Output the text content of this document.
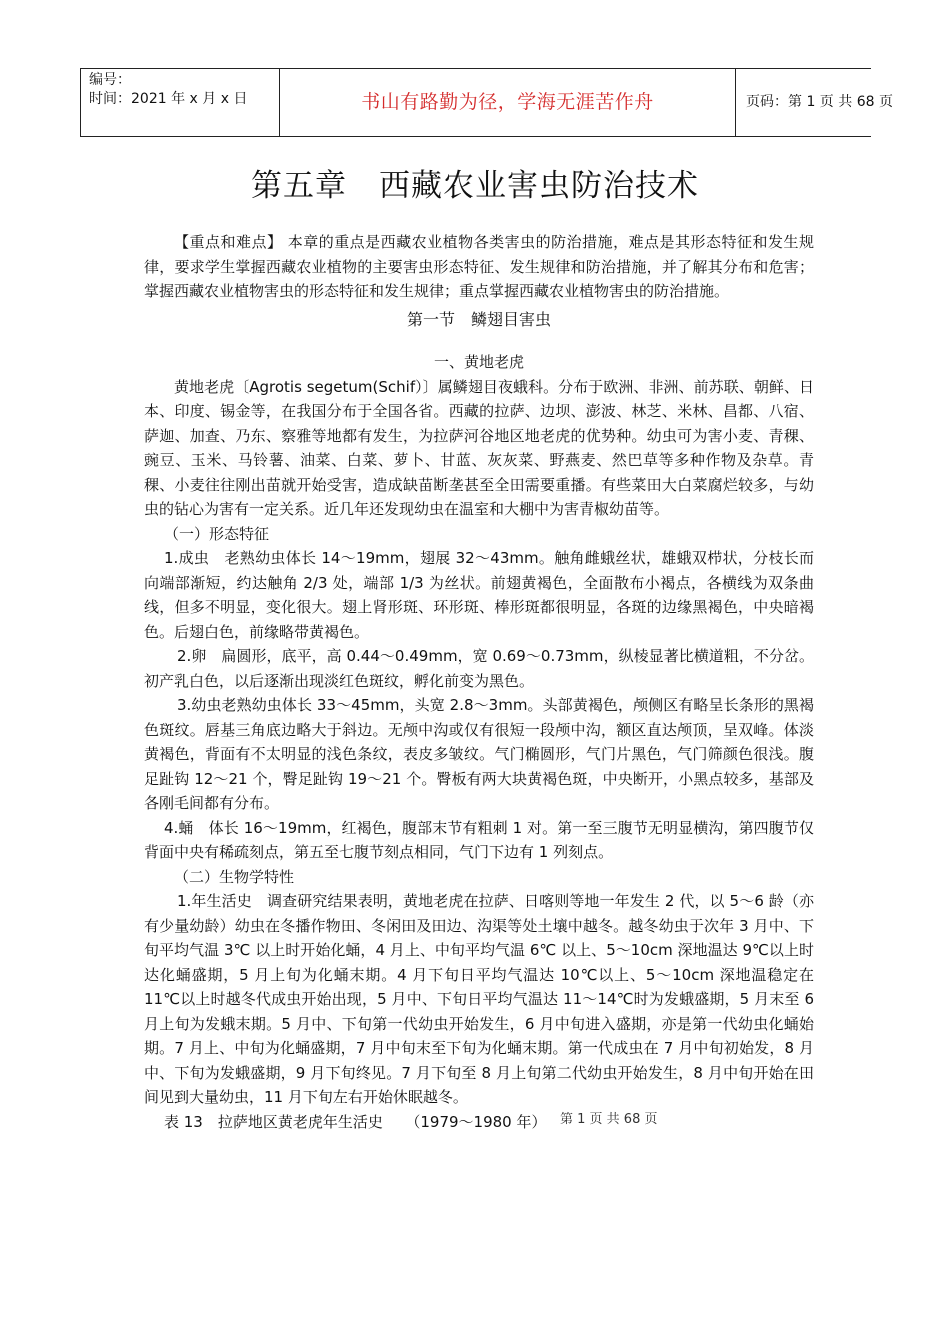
编号：
时间：2021 年 x 月 x 日	书山有路勤为径，学海无涯苦作舟	页码：第 1 页 共 68 页
第五章　西藏农业害虫防治技术

【重点和难点】 本章的重点是西藏农业植物各类害虫的防治措施，难点是其形态特征和发生规律，要求学生掌握西藏农业植物的主要害虫形态特征、发生规律和防治措施，并了解其分布和危害；掌握西藏农业植物害虫的形态特征和发生规律；重点掌握西藏农业植物害虫的防治措施。

第一节　鳞翅目害虫

一、黄地老虎

黄地老虎〔Agrotis segetum(Schif）〕属鳞翅目夜蛾科。分布于欧洲、非洲、前苏联、朝鲜、日本、印度、锡金等，在我国分布于全国各省。西藏的拉萨、边坝、澎波、林芝、米林、昌都、八宿、萨迦、加查、乃东、察雅等地都有发生，为拉萨河谷地区地老虎的优势种。幼虫可为害小麦、青稞、豌豆、玉米、马铃薯、油菜、白菜、萝卜、甘蓝、灰灰菜、野燕麦、然巴草等多种作物及杂草。青稞、小麦往往刚出苗就开始受害，造成缺苗断垄甚至全田需要重播。有些菜田大白菜腐烂较多，与幼虫的钻心为害有一定关系。近几年还发现幼虫在温室和大棚中为害青椒幼苗等。

（一）形态特征

1.成虫　老熟幼虫体长 14～19mm，翅展 32～43mm。触角雌蛾丝状，雄蛾双栉状，分枝长而向端部渐短，约达触角 2/3 处，端部 1/3 为丝状。前翅黄褐色，全面散布小褐点，各横线为双条曲线，但多不明显，变化很大。翅上肾形斑、环形斑、棒形斑都很明显，各斑的边缘黑褐色，中央暗褐色。后翅白色，前缘略带黄褐色。

2.卵　扁圆形，底平，高 0.44～0.49mm，宽 0.69～0.73mm，纵棱显著比横道粗，不分岔。初产乳白色，以后逐渐出现淡红色斑纹，孵化前变为黑色。

3.幼虫老熟幼虫体长 33～45mm，头宽 2.8～3mm。头部黄褐色，颅侧区有略呈长条形的黑褐色斑纹。唇基三角底边略大于斜边。无颅中沟或仅有很短一段颅中沟，额区直达颅顶，呈双峰。体淡黄褐色，背面有不太明显的浅色条纹，表皮多皱纹。气门椭圆形，气门片黑色，气门筛颜色很浅。腹足趾钩 12～21 个，臀足趾钩 19～21 个。臀板有两大块黄褐色斑，中央断开，小黑点较多，基部及各刚毛间都有分布。

4.蛹　体长 16～19mm，红褐色，腹部末节有粗刺 1 对。第一至三腹节无明显横沟，第四腹节仅背面中央有稀疏刻点，第五至七腹节刻点相同，气门下边有 1 列刻点。

（二）生物学特性

1.年生活史　调查研究结果表明，黄地老虎在拉萨、日喀则等地一年发生 2 代，以 5～6 龄（亦有少量幼龄）幼虫在冬播作物田、冬闲田及田边、沟渠等处土壤中越冬。越冬幼虫于次年 3 月中、下旬平均气温 3℃ 以上时开始化蛹，4 月上、中旬平均气温 6℃ 以上、5～10cm 深地温达 9℃以上时达化蛹盛期，5 月上旬为化蛹末期。4 月下旬日平均气温达 10℃以上、5～10cm 深地温稳定在 11℃以上时越冬代成虫开始出现，5 月中、下旬日平均气温达 11～14℃时为发蛾盛期，5 月末至 6 月上旬为发蛾末期。5 月中、下旬第一代幼虫开始发生，6 月中旬进入盛期，亦是第一代幼虫化蛹始期。7 月上、中旬为化蛹盛期，7 月中旬末至下旬为化蛹末期。第一代成虫在 7 月中旬初始发，8 月中、下旬为发蛾盛期，9 月下旬终见。7 月下旬至 8 月上旬第二代幼虫开始发生，8 月中旬开始在田间见到大量幼虫，11 月下旬左右开始休眠越冬。

表 13　拉萨地区黄老虎年生活史　　（1979～1980 年）	第 1 页 共 68 页
